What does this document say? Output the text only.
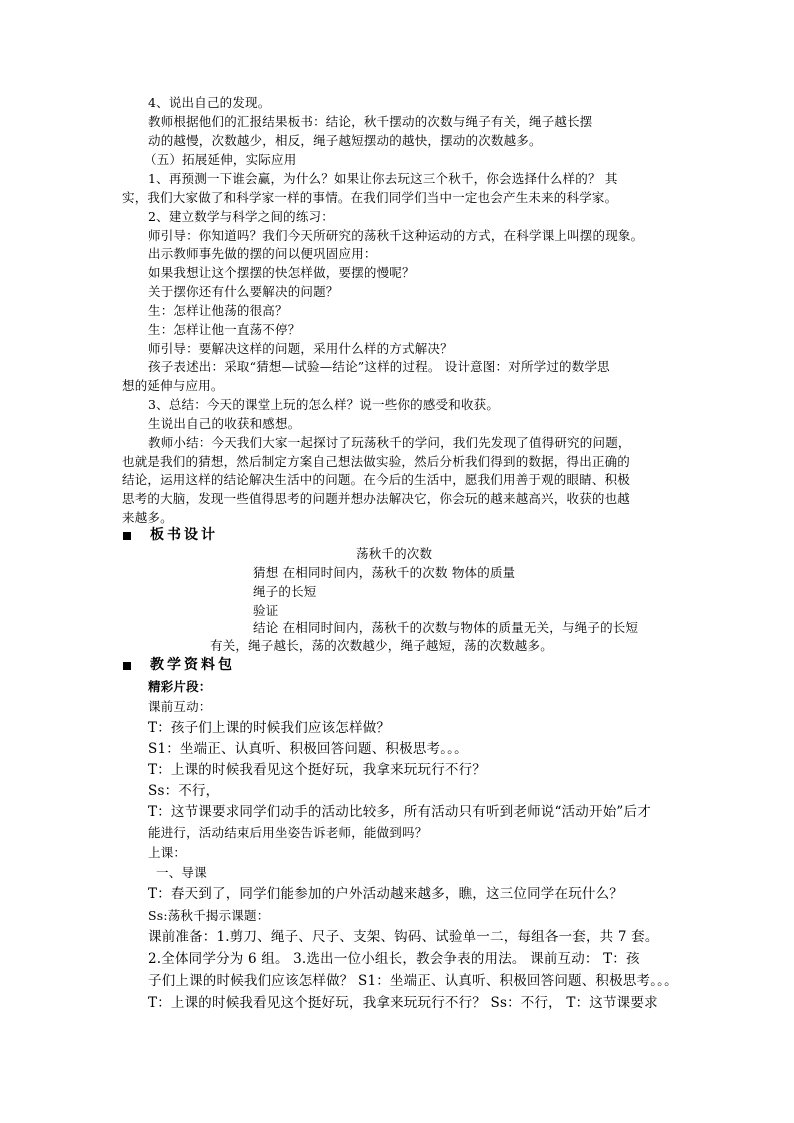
4、说出自己的发现。
教师根据他们的汇报结果板书：结论，秋千摆动的次数与绳子有关，绳子越长摆
动的越慢，次数越少，相反，绳子越短摆动的越快，摆动的次数越多。
（五）拓展延伸，实际应用
1、再预测一下谁会赢，为什么？如果让你去玩这三个秋千，你会选择什么样的？ 其
实，我们大家做了和科学家一样的事情。在我们同学们当中一定也会产生未来的科学家。
2、建立数学与科学之间的练习：
师引导：你知道吗？我们今天所研究的荡秋千这种运动的方式，在科学课上叫摆的现象。
出示教师事先做的摆的问以便巩固应用：
如果我想让这个摆摆的快怎样做，要摆的慢呢？
关于摆你还有什么要解决的问题？
生：怎样让他荡的很高？
生：怎样让他一直荡不停？
师引导：要解决这样的问题，采用什么样的方式解决？
孩子表述出：采取“猜想—试验—结论”这样的过程。 设计意图：对所学过的数学思
想的延伸与应用。
3、总结：今天的课堂上玩的怎么样？说一些你的感受和收获。
生说出自己的收获和感想。
教师小结：今天我们大家一起探讨了玩荡秋千的学问，我们先发现了值得研究的问题，
也就是我们的猜想，然后制定方案自己想法做实验，然后分析我们得到的数据，得出正确的
结论，运用这样的结论解决生活中的问题。在今后的生活中，愿我们用善于观的眼睛、积极
思考的大脑，发现一些值得思考的问题并想办法解决它，你会玩的越来越高兴，收获的也越
来越多。
板书设计
荡秋千的次数
猜想 在相同时间内，荡秋千的次数 物体的质量
绳子的长短
验证
结论 在相同时间内，荡秋千的次数与物体的质量无关，与绳子的长短
有关，绳子越长，荡的次数越少，绳子越短，荡的次数越多。
教学资料包
精彩片段：
课前互动：
T：孩子们上课的时候我们应该怎样做？
S1：坐端正、认真听、积极回答问题、积极思考。。。
T：上课的时候我看见这个挺好玩，我拿来玩玩行不行？
Ss：不行，
T：这节课要求同学们动手的活动比较多，所有活动只有听到老师说“活动开始”后才
能进行，活动结束后用坐姿告诉老师，能做到吗？
上课：
一、导课
T：春天到了，同学们能参加的户外活动越来越多，瞧，这三位同学在玩什么？
Ss:荡秋千揭示课题：
课前准备：1.剪刀、绳子、尺子、支架、钩码、试验单一二，每组各一套，共 7 套。
2.全体同学分为 6 组。 3.选出一位小组长，教会争表的用法。 课前互动： T：孩
子们上课的时候我们应该怎样做？ S1：坐端正、认真听、积极回答问题、积极思考。。。
T：上课的时候我看见这个挺好玩，我拿来玩玩行不行？ Ss：不行， T：这节课要求
